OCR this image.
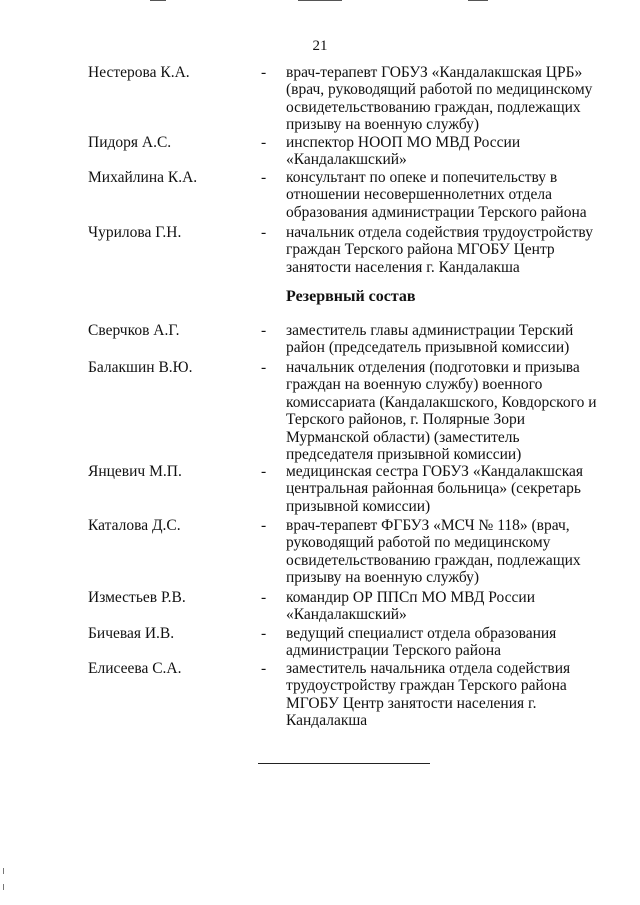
21
Нестерова К.А.	- врач-терапевт ГОБУЗ «Кандалакшская ЦРБ» (врач, руководящий работой по медицинскому освидетельствованию граждан, подлежащих призыву на военную службу)
Пидоря А.С.	- инспектор НООП МО МВД России «Кандалакшский»
Михайлина К.А.	- консультант по опеке и попечительству в отношении несовершеннолетних отдела образования администрации Терского района
Чурилова Г.Н.	- начальник отдела содействия трудоустройству граждан Терского района МГОБУ Центр занятости населения г. Кандалакша
Резервный состав
Сверчков А.Г.	- заместитель главы администрации Терский район (председатель призывной комиссии)
Балакшин В.Ю.	- начальник отделения (подготовки и призыва граждан на военную службу) военного комиссариата (Кандалакшского, Ковдорского и Терского районов, г. Полярные Зори Мурманской области) (заместитель председателя призывной комиссии)
Янцевич М.П.	- медицинская сестра ГОБУЗ «Кандалакшская центральная районная больница» (секретарь призывной комиссии)
Каталова Д.С.	- врач-терапевт ФГБУЗ «МСЧ № 118» (врач, руководящий работой по медицинскому освидетельствованию граждан, подлежащих призыву на военную службу)
Изместьев Р.В.	- командир ОР ППСп МО МВД России «Кандалакшский»
Бичевая И.В.	- ведущий специалист отдела образования администрации Терского района
Елисеева С.А.	- заместитель начальника отдела содействия трудоустройству граждан Терского района МГОБУ Центр занятости населения г. Кандалакша
